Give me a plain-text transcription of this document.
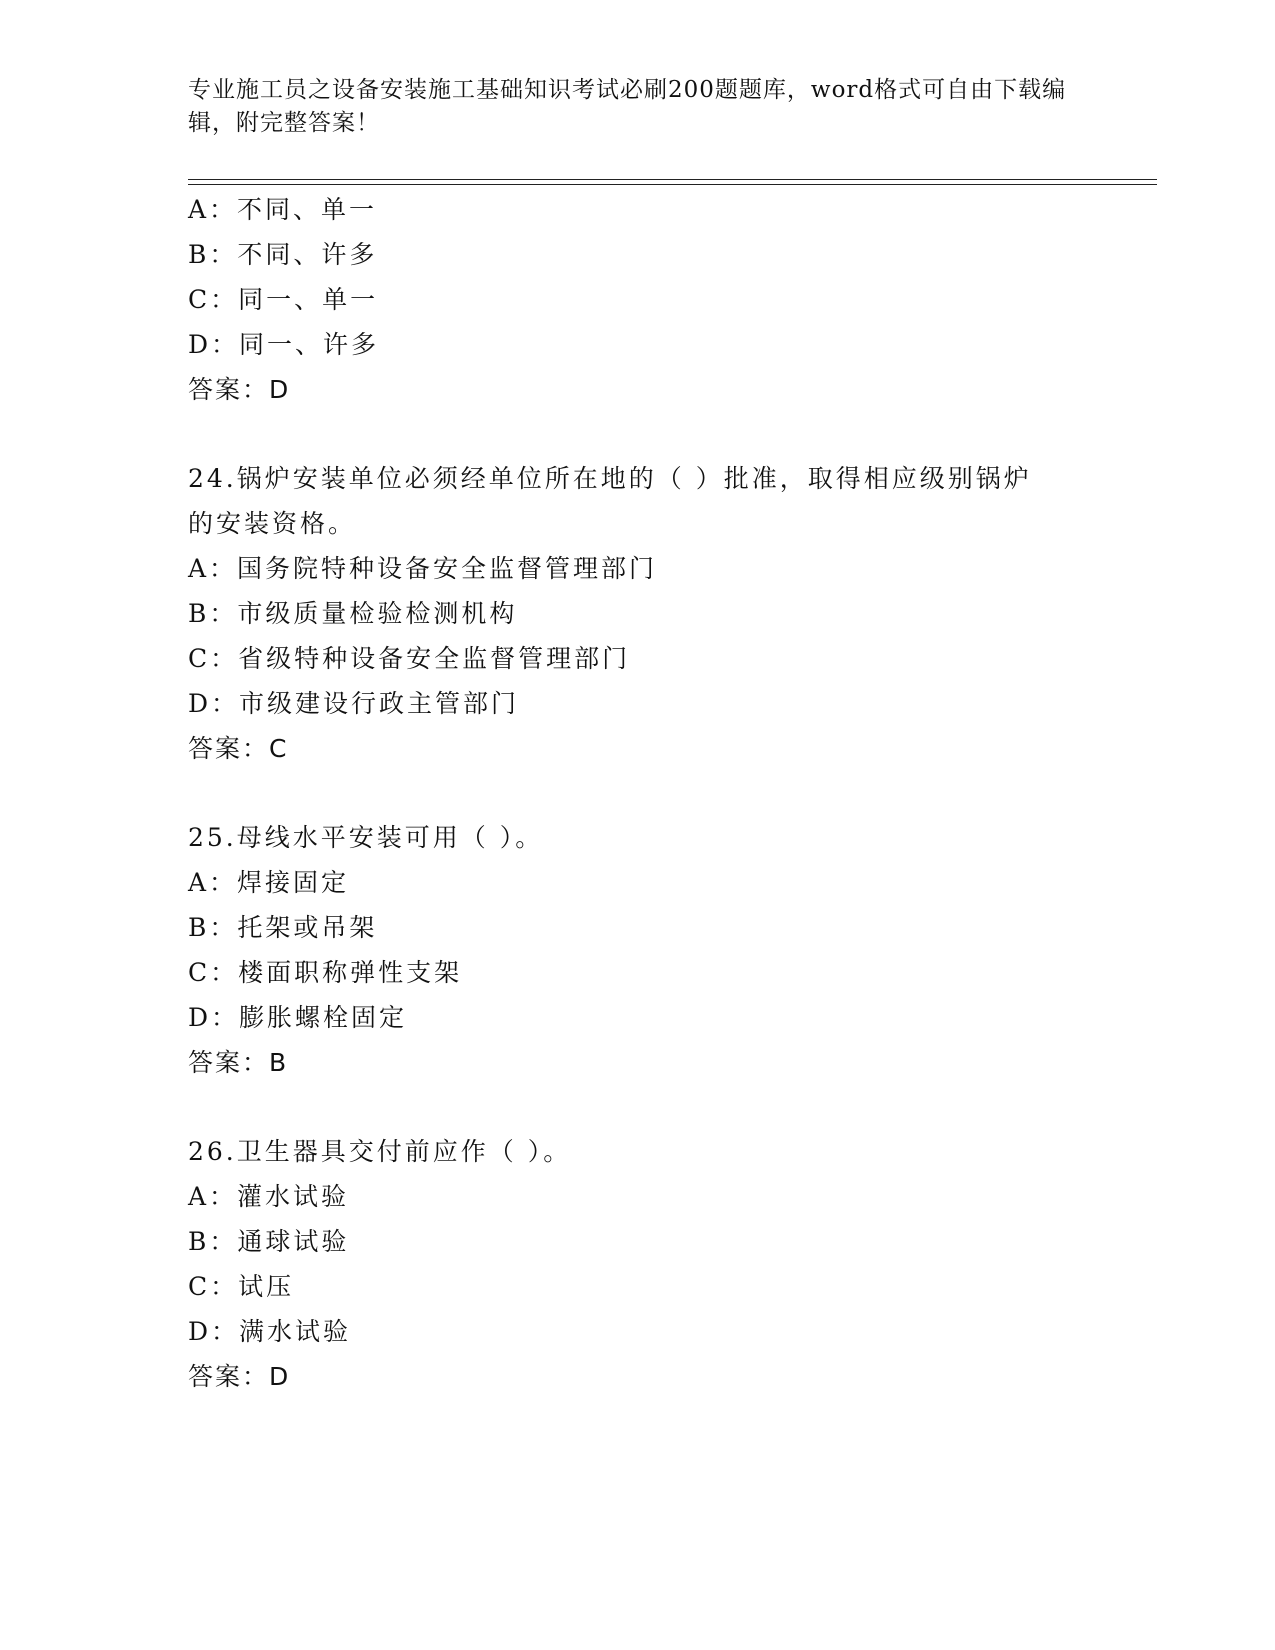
专业施工员之设备安装施工基础知识考试必刷200题题库，word格式可自由下载编辑，附完整答案！
A：不同、单一
B：不同、许多
C：同一、单一
D：同一、许多
答案：D
24.锅炉安装单位必须经单位所在地的（ ）批准，取得相应级别锅炉
的安装资格。
A：国务院特种设备安全监督管理部门
B：市级质量检验检测机构
C：省级特种设备安全监督管理部门
D：市级建设行政主管部门
答案：C
25.母线水平安装可用（ ）。
A：焊接固定
B：托架或吊架
C：楼面职称弹性支架
D：膨胀螺栓固定
答案：B
26.卫生器具交付前应作（ ）。
A：灌水试验
B：通球试验
C：试压
D：满水试验
答案：D
